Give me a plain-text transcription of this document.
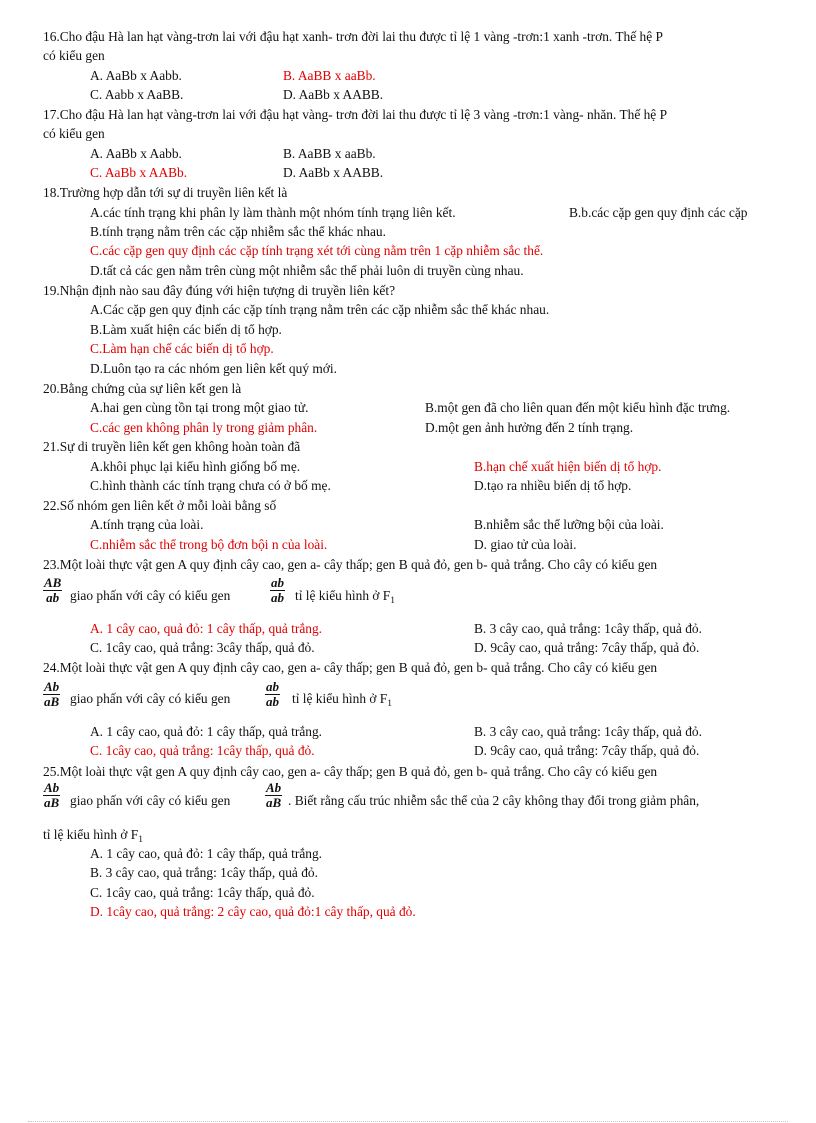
16.Cho đậu Hà lan hạt vàng-trơn lai với đậu hạt xanh- trơn đời lai thu được tỉ lệ 1 vàng -trơn:1 xanh -trơn. Thế hệ P
có kiểu gen
A. AaBb x Aabb.	B. AaBB x aaBb.
C. Aabb x AaBB.	D. AaBb x AABB.
17.Cho đậu Hà lan hạt vàng-trơn lai với đậu hạt vàng- trơn đời lai thu được tỉ lệ 3 vàng -trơn:1 vàng- nhăn. Thế hệ P
có kiểu gen
A. AaBb x Aabb.	B. AaBB x aaBb.
C. AaBb x AABb.	D. AaBb x AABB.
18.Trường hợp dẫn tới sự di truyền liên kết là
A.các tính trạng khi phân ly làm thành một nhóm tính trạng liên kết.	B.b.các cặp gen quy định các cặp
B.tính trạng nằm trên các cặp nhiễm sắc thể khác nhau.
C.các cặp gen quy định các cặp tính trạng xét tới cùng nằm trên 1 cặp nhiễm sắc thể.
D.tất cả các gen nằm trên cùng một nhiễm sắc thể phải luôn di truyền cùng nhau.
19.Nhận định nào sau đây đúng với hiện tượng di truyền liên kết?
A.Các cặp gen quy định các cặp tính trạng nằm trên các cặp nhiễm sắc thể khác nhau.
B.Làm xuất hiện các biến dị tổ hợp.
C.Làm hạn chế các biến dị tổ hợp.
D.Luôn tạo ra các nhóm gen liên kết quý mới.
20.Bằng chứng của sự liên kết gen là
A.hai gen cùng tồn tại trong một giao tử.	B.một gen đã cho liên quan đến một kiểu hình đặc trưng.
C.các gen không phân ly trong giảm phân.	D.một gen ảnh hưởng đến 2 tính trạng.
21.Sự di truyền liên kết gen không hoàn toàn đã
A.khôi phục lại kiểu hình giống bố mẹ.	B.hạn chế xuất hiện biến dị tổ hợp.
C.hình thành các tính trạng chưa có ở bố mẹ.	D.tạo ra nhiều biến dị tổ hợp.
22.Số nhóm gen liên kết ở mỗi loài bằng số
A.tính trạng của loài.	B.nhiễm sắc thể lưỡng bội của loài.
C.nhiễm sắc thể trong bộ đơn bội n của loài.	D. giao tử của loài.
23.Một loài thực vật gen A quy định cây cao, gen a- cây thấp; gen B quả đỏ, gen b- quả trắng. Cho cây có kiểu gen
$\frac{AB}{ab}$ giao phấn với cây có kiểu gen	$\frac{ab}{ab}$ tỉ lệ kiểu hình ở $F_1$
A. 1 cây cao, quả đỏ: 1 cây thấp, quả trắng.	B. 3 cây cao, quả trắng: 1cây thấp, quả đỏ.
C. 1cây cao, quả trắng: 3cây thấp, quả đỏ.	D. 9cây cao, quả trắng: 7cây thấp, quả đỏ.
24.Một loài thực vật gen A quy định cây cao, gen a- cây thấp; gen B quả đỏ, gen b- quả trắng. Cho cây có kiểu gen
$\frac{Ab}{aB}$ giao phấn với cây có kiểu gen	$\frac{ab}{ab}$ tỉ lệ kiểu hình ở $F_1$
A. 1 cây cao, quả đỏ: 1 cây thấp, quả trắng.	B. 3 cây cao, quả trắng: 1cây thấp, quả đỏ.
C. 1cây cao, quả trắng: 1cây thấp, quả đỏ.	D. 9cây cao, quả trắng: 7cây thấp, quả đỏ.
25.Một loài thực vật gen A quy định cây cao, gen a- cây thấp; gen B quả đỏ, gen b- quả trắng. Cho cây có kiểu gen
$\frac{Ab}{aB}$ giao phấn với cây có kiểu gen	$\frac{Ab}{aB}$ . Biết rằng cấu trúc nhiễm sắc thể của 2 cây không thay đổi trong giảm phân,
tỉ lệ kiểu hình ở $F_1$
A. 1 cây cao, quả đỏ: 1 cây thấp, quả trắng.
B. 3 cây cao, quả trắng: 1cây thấp, quả đỏ.
C. 1cây cao, quả trắng: 1cây thấp, quả đỏ.
D. 1cây cao, quả trắng: 2 cây cao, quả đỏ:1 cây thấp, quả đỏ.
